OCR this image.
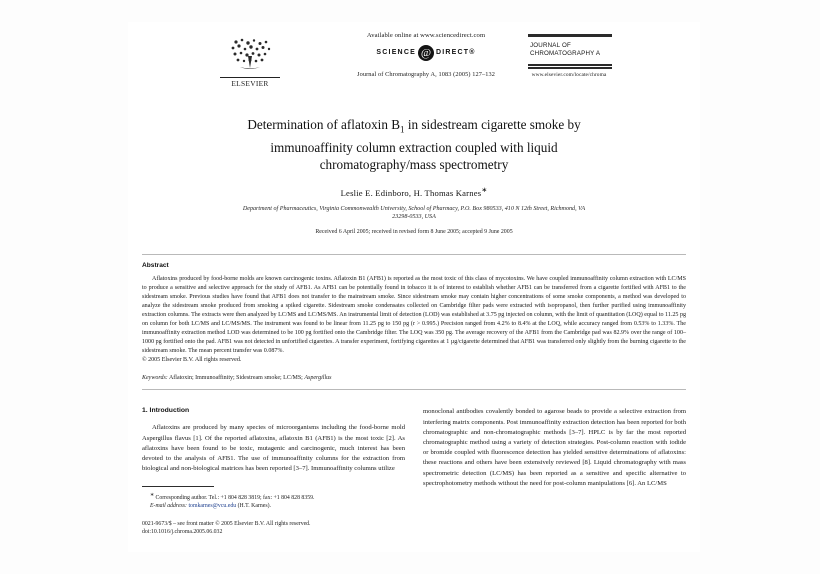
ELSEVIER
Available online at www.sciencedirect.com
SCIENCE @ DIRECT®
Journal of Chromatography A, 1083 (2005) 127–132
JOURNAL OF CHROMATOGRAPHY A
www.elsevier.com/locate/chroma
Determination of aflatoxin $B_1$ in sidestream cigarette smoke by
immunoaffinity column extraction coupled with liquid
chromatography/mass spectrometry
Leslie E. Edinboro, H. Thomas Karnes∗
Department of Pharmaceutics, Virginia Commonwealth University, School of Pharmacy, P.O. Box 980533, 410 N 12th Street, Richmond, VA 23298-0533, USA
Received 6 April 2005; received in revised form 8 June 2005; accepted 9 June 2005
Abstract
Aflatoxins produced by food-borne molds are known carcinogenic toxins. Aflatoxin B1 (AFB1) is reported as the most toxic of this class of mycotoxins. We have coupled immunoaffinity column extraction with LC/MS to produce a sensitive and selective approach for the study of AFB1. As AFB1 can be potentially found in tobacco it is of interest to establish whether AFB1 can be transferred from a cigarette fortified with AFB1 to the sidestream smoke. Previous studies have found that AFB1 does not transfer to the mainstream smoke. Since sidestream smoke may contain higher concentrations of some smoke components, a method was developed to analyze the sidestream smoke produced from smoking a spiked cigarette. Sidestream smoke condensates collected on Cambridge filter pads were extracted with isopropanol, then further purified using immunoaffinity extraction columns. The extracts were then analyzed by LC/MS and LC/MS/MS. An instrumental limit of detection (LOD) was established at 3.75 pg injected on column, with the limit of quantitation (LOQ) equal to 11.25 pg on column for both LC/MS and LC/MS/MS. The instrument was found to be linear from 11.25 pg to 150 pg (r > 0.995.) Precision ranged from 4.2% to 8.4% at the LOQ, while accuracy ranged from 0.53% to 1.33%. The immunoaffinity extraction method LOD was determined to be 100 pg fortified onto the Cambridge filter. The LOQ was 350 pg. The average recovery of the AFB1 from the Cambridge pad was 82.9% over the range of 100–1000 pg fortified onto the pad. AFB1 was not detected in unfortified cigarettes. A transfer experiment, fortifying cigarettes at 1 µg/cigarette determined that AFB1 was transferred only slightly from the burning cigarette to the sidestream smoke. The mean percent transfer was 0.087%.
© 2005 Elsevier B.V. All rights reserved.
Keywords: Aflatoxin; Immunoaffinity; Sidestream smoke; LC/MS; Aspergillus
1. Introduction

Aflatoxins are produced by many species of microorganisms including the food-borne mold Aspergillus flavus [1]. Of the reported aflatoxins, aflatoxin B1 (AFB1) is the most toxic [2]. As aflatoxins have been found to be toxic, mutagenic and carcinogenic, much interest has been devoted to the analysis of AFB1. The use of immunoaffinity columns for the extraction from biological and non-biological matrices has been reported [3–7]. Immunoaffinity columns utilize

∗ Corresponding author. Tel.: +1 804 828 3819; fax: +1 804 828 8359.
E-mail address: tomkarnes@vcu.edu (H.T. Karnes).
0021-9673/$ – see front matter © 2005 Elsevier B.V. All rights reserved.
doi:10.1016/j.chroma.2005.06.032

monoclonal antibodies covalently bonded to agarose beads to provide a selective extraction from interfering matrix components. Post immunoaffinity extraction detection has been reported for both chromatographic and non-chromatographic methods [3–7]. HPLC is by far the most reported chromatographic method using a variety of detection strategies. Post-column reaction with iodide or bromide coupled with fluorescence detection has yielded sensitive determinations of aflatoxins: these reactions and others have been extensively reviewed [8]. Liquid chromatography with mass spectrometric detection (LC/MS) has been reported as a sensitive and specific alternative to spectrophotometry methods without the need for post-column manipulations [6]. An LC/MS
